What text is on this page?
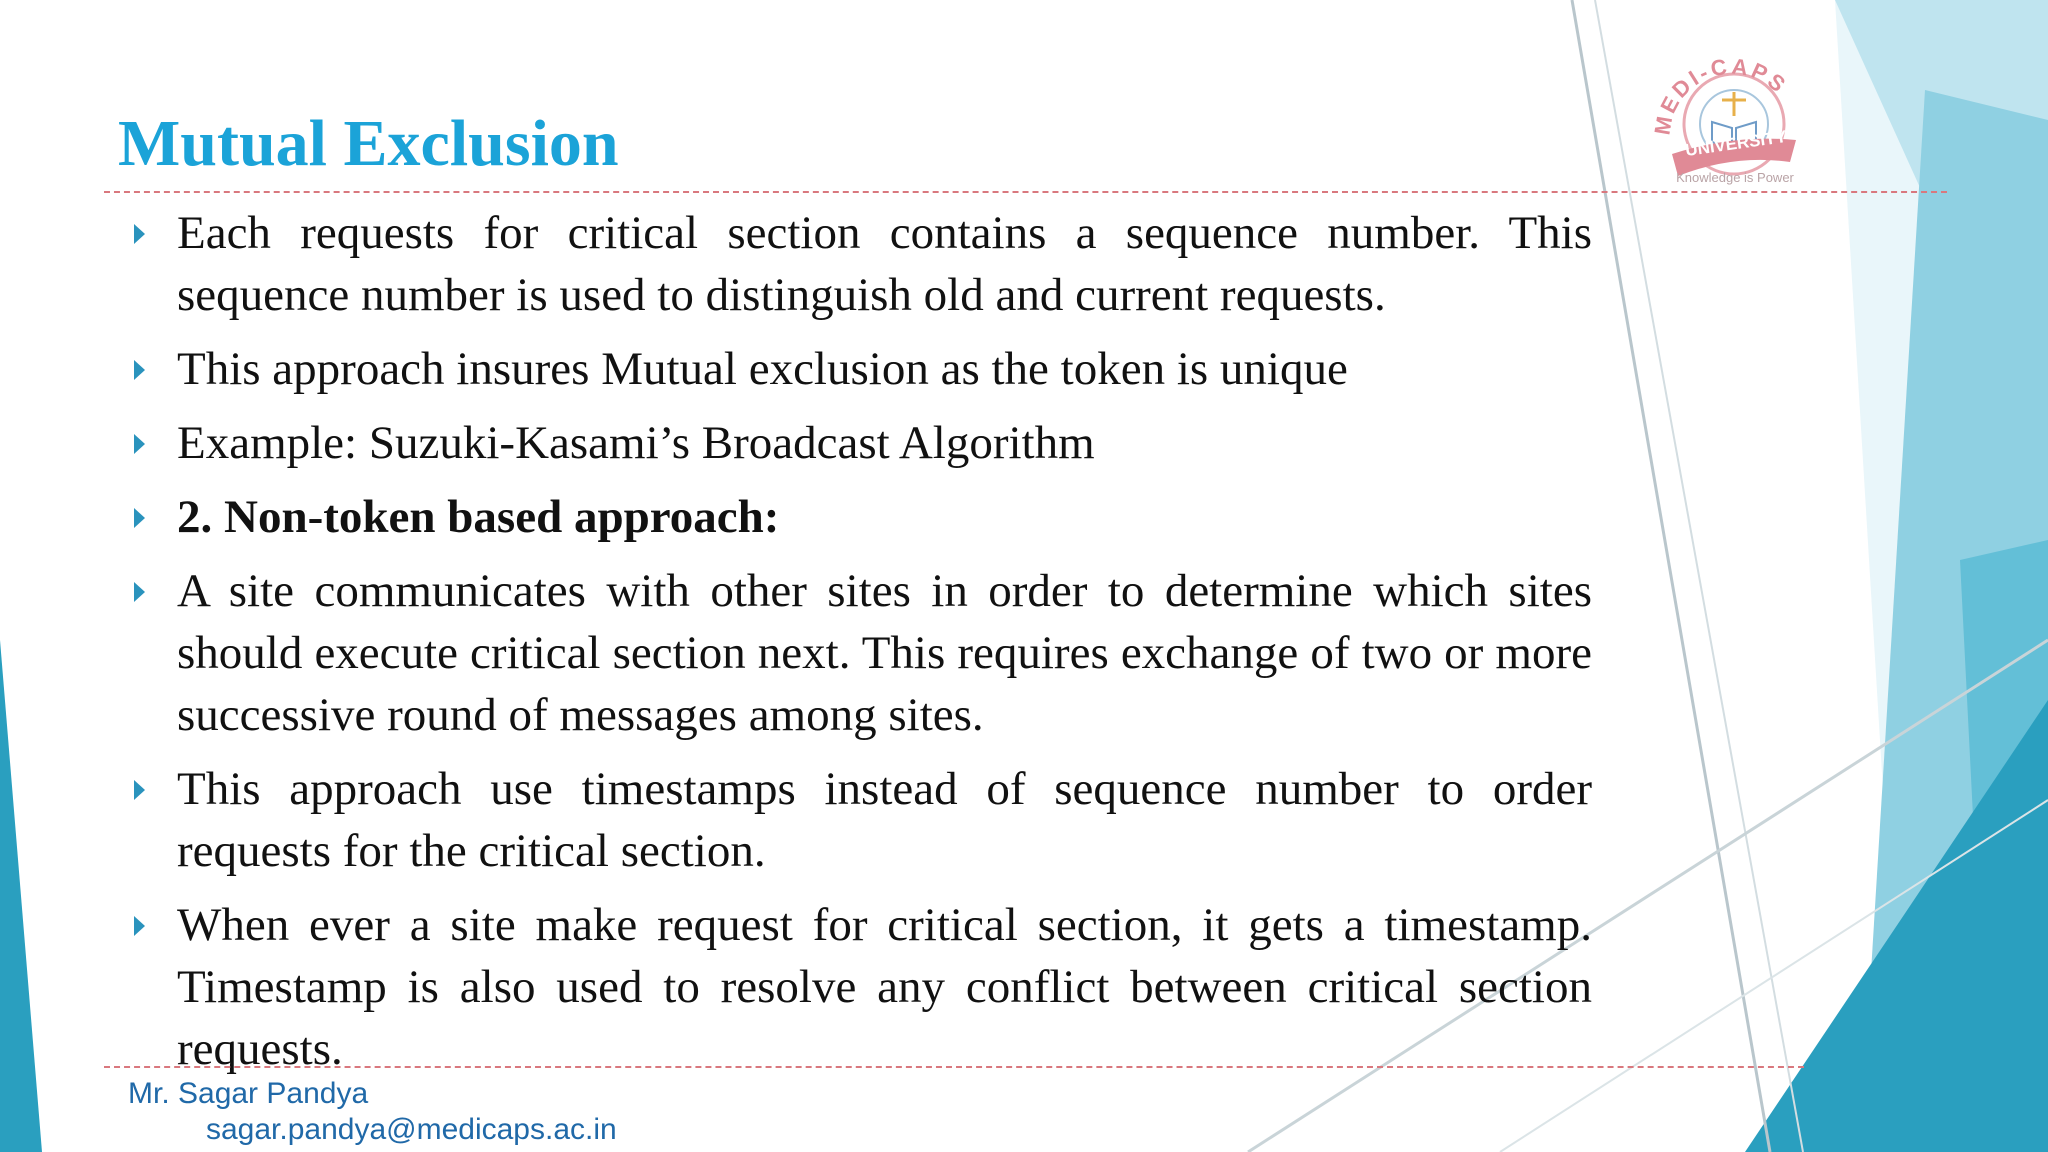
Mutual Exclusion
Each requests for critical section contains a sequence number. This sequence number is used to distinguish old and current requests.
This approach insures Mutual exclusion as the token is unique
Example: Suzuki-Kasami’s Broadcast Algorithm
2. Non-token based approach:
A site communicates with other sites in order to determine which sites should execute critical section next. This requires exchange of two or more successive round of messages among sites.
This approach use timestamps instead of sequence number to order requests for the critical section.
When ever a site make request for critical section, it gets a timestamp. Timestamp is also used to resolve any conflict between critical section requests.
Mr. Sagar Pandya
sagar.pandya@medicaps.ac.in
MEDI-CAPS
UNIVERSITY
Knowledge is Power
